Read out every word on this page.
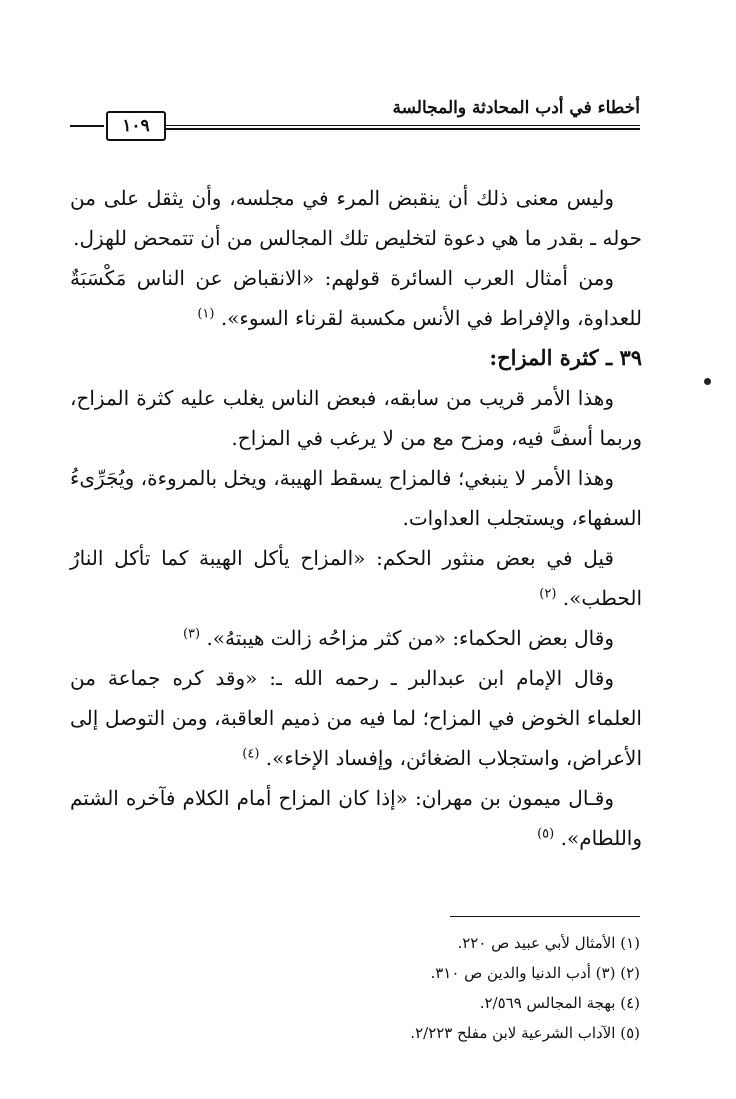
أخطاء في أدب المحادثة والمجالسة
١٠٩

وليس معنى ذلك أن ينقبض المرء في مجلسه، وأن يثقل على من حوله ـ بقدر ما هي دعوة لتخليص تلك المجالس من أن تتمحض للهزل.

ومن أمثال العرب السائرة قولهم: «الانقباض عن الناس مَكْسَبَةٌ للعداوة، والإفراط في الأنس مكسبة لقرناء السوء». $^{(١)}$

٣٩ ـ كثرة المزاح:

وهذا الأمر قريب من سابقه، فبعض الناس يغلب عليه كثرة المزاح، وربما أسفَّ فيه، ومزح مع من لا يرغب في المزاح.

وهذا الأمر لا ينبغي؛ فالمزاح يسقط الهيبة، ويخل بالمروءة، ويُجَرِّىءُ السفهاء، ويستجلب العداوات.

قيل في بعض منثور الحكم: «المزاح يأكل الهيبة كما تأكل النارُ الحطب». $^{(٢)}$

وقال بعض الحكماء: «من كثر مزاحُه زالت هيبتهُ». $^{(٣)}$

وقال الإمام ابن عبدالبر ـ رحمه الله ـ: «وقد كره جماعة من العلماء الخوض في المزاح؛ لما فيه من ذميم العاقبة، ومن التوصل إلى الأعراض، واستجلاب الضغائن، وإفساد الإخاء». $^{(٤)}$

وقـال ميمون بن مهران: «إذا كان المزاح أمام الكلام فآخره الشتم واللطام». $^{(٥)}$

(١) الأمثال لأبي عبيد ص ٢٢٠.

(٢) (٣) أدب الدنيا والدين ص ٣١٠.

(٤) بهجة المجالس ٢/٥٦٩.

(٥) الآداب الشرعية لابن مفلح ٢/٢٢٣.
